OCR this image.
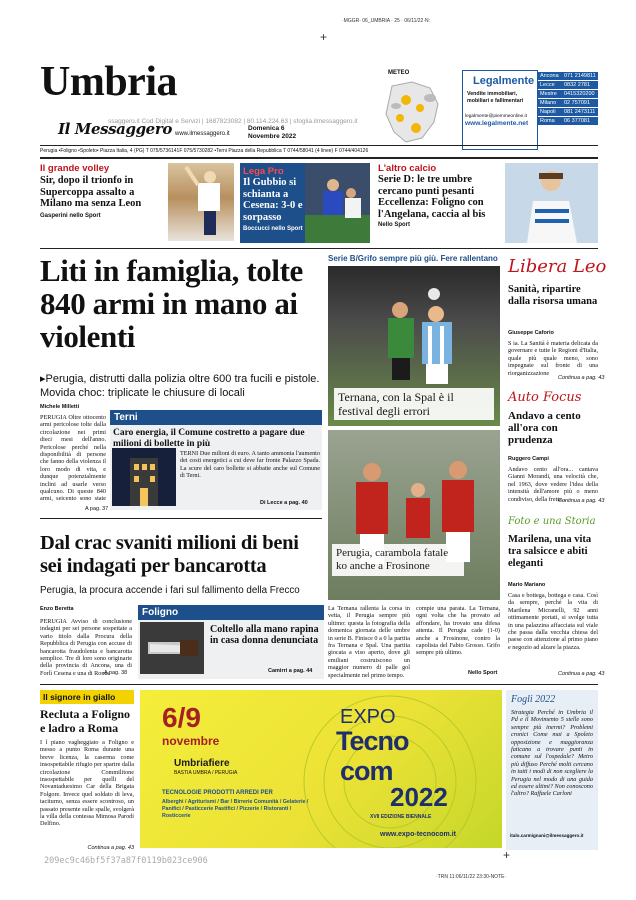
·MGGR· 06_UMBRIA · 25 · 06/11/22·N:
+
Umbria
Il Messaggero
ssaggero.it Cod Digital e Servizi | 1687823082 | 80.114.224.63 | sfoglia.ilmessaggero.it
www.ilmessaggero.it
Domenica 6
Novembre 2022
METEO
Legalmente
Vendite immobiliari, mobiliari e fallimentari
legalmente@piemmeonline.it
www.legalmente.net
Ancona 071 2149811
Lecce	0832 2781
Mestre	0415320200
Milano	02 757091
Napoli	081 2473111
Roma	06 377081
Perugia •Foligno •Spoleto• Piazza Italia, 4 (PG) T 075/5736141F 075/5730282 •Terni Piazza della Repubblica T 0744/58041 (4 linee) F 0744/404126
Il grande volley
Sir, dopo il trionfo in Supercoppa assalto a Milano ma senza Leon
Gasperini nello Sport
Lega Pro
Il Gubbio si schianta a Cesena: 3-0 e sorpasso
Boccucci nello Sport
L'altro calcio
Serie D: le tre umbre cercano punti pesanti Eccellenza: Foligno con l'Angelana, caccia al bis
Nello Sport
Liti in famiglia, tolte 840 armi in mano ai violenti
▸Perugia, distrutti dalla polizia oltre 600 tra fucili e pistole. Movida choc: triplicate le chiusure di locali
Michele Milletti
PERUGIA Oltre ottocento armi pericolose tolte dalla circolazione nei primi dieci mesi dell'anno. Pericolose perché nella disponibilità di persone che fanno della violenza il loro modo di vita, e dunque potenzialmente inclini ad usarle verso qualcuno. Di queste 840 armi, seicento sono state
A pag. 37
Terni
Caro energia, il Comune costretto a pagare due milioni di bollette in più
TERNI Due milioni di euro. A tanto ammonta l'aumento dei costi energetici a cui deve far fronte Palazzo Spada. La scure del caro bollette si abbatte anche sul Comune di Terni.
Di Lecce a pag. 40
Dal crac svaniti milioni di beni sei indagati per bancarotta
Perugia, la procura accende i fari sul fallimento della Frecco
Enzo Beretta
PERUGIA Avviso di conclusione indagini per sei persone sospettate a vario titolo dalla Procura della Repubblica di Perugia con accuse di bancarotta fraudolenta e bancarotta semplice. Tre di loro sono originarie della provincia di Ancona, una di Forlì Cesena e una di Roma.
A pag. 38
Foligno
Coltello alla mano rapina in casa donna denunciata
Camirri a pag. 44
Serie B/Grifo sempre più giù. Fere rallentano
Ternana, con la Spal è il festival degli errori
Perugia, carambola fatale ko anche a Frosinone
La Ternana rallenta la corsa in vetta, il Perugia sempre più ultimo: questa la fotografia della domenica giornata delle umbre in serie B. Finisce 0 a 0 la partita fra Ternana e Spal. Una partita giocata a viso aperto, dove gli emiliani costruiscono un maggior numero di palle gol specialmente nel primo tempo.
compie una parata. La Ternana, ogni volta che ha provato ad affondare, ha trovato una difesa attenta. Il Perugia cade (1-0) anche a Frosinone, contro la capolista del Fabio Grosso. Grifo sempre più ultimo.
Nello Sport
Libera Leo
Sanità, ripartire dalla risorsa umana
Giuseppe Caforio
S ia. La Sanità è materia delicata da governare e tutte le Regioni d'Italia, quale più quale meno, sono impegnate sul fronte di una riorganizzazione
Continua a pag. 43
Auto Focus
Andavo a cento all'ora con prudenza
Ruggero Campi
Andavo cento all'ora... cantava Gianni Morandi, una velocità che, nel 1963, dove vedere l'idea della intensità dell'amore più o meno condiviso, della fretta...
Continua a pag. 43
Foto e una Storia
Marilena, una vita tra salsicce e abiti eleganti
Mario Mariano
Casa e bottega, bottega e casa. Così da sempre, perché la vita di Marilena Micranelli, 92 anni ottimamente portati, si svolge tutta in una palazzina affacciata sul viale che passa dalla vecchia chiesa del paese con attenzione al primo piano e negozio ad alzare la piazza.
Continua a pag. 43
Il signore in giallo
Recluta a Foligno e ladro a Roma
I l piano vagheggiato a Foligno e messo a punto Roma durante una breve licenza, la caserma come insospettabile rifugio per sparire dalla circolazione Commilitone insospettabile per quelli del Novantaduesimo Car della Brigata Folgore. Invece quel soldato di leva, taciturno, senza essere scontroso, un passato presente sulle spalle, svolgerà la villa della contessa Mimosa Parodi Delfino.
Continua a pag. 43
6/9
novembre
Umbriafiere
BASTIA UMBRA / PERUGIA
TECNOLOGIE PRODOTTI ARREDI PER
Alberghi / Agriturismi / Bar / Birrerie Comunità / Gelaterie / Panifici / Pasticcerie Pastifici / Pizzerie / Ristoranti / Rosticcerie
EXPO
Tecno
com
2022
XVII EDIZIONE BIENNALE
www.expo-tecnocom.it
Fogli 2022
Strategia Perché in Umbria il Pd e il Movimento 5 stelle sono sempre più inermi? Problemi cronici Come mai a Spoleto opposizione e maggioranza faticano a trovare punti in comune sul l'ospedale? Metro più diffuso Perché molti cercano in tutti i modi di non scegliere la Perugia nel modo di una guida ed essere ultimi? Non conoscono l'altro? Raffaele Carloni
italo.carmignani@ilmessaggero.it
209ec9c46bf5f37a87f0119b023ce906	+
·TRN 11:06/11/22 23:30-NOTE·
